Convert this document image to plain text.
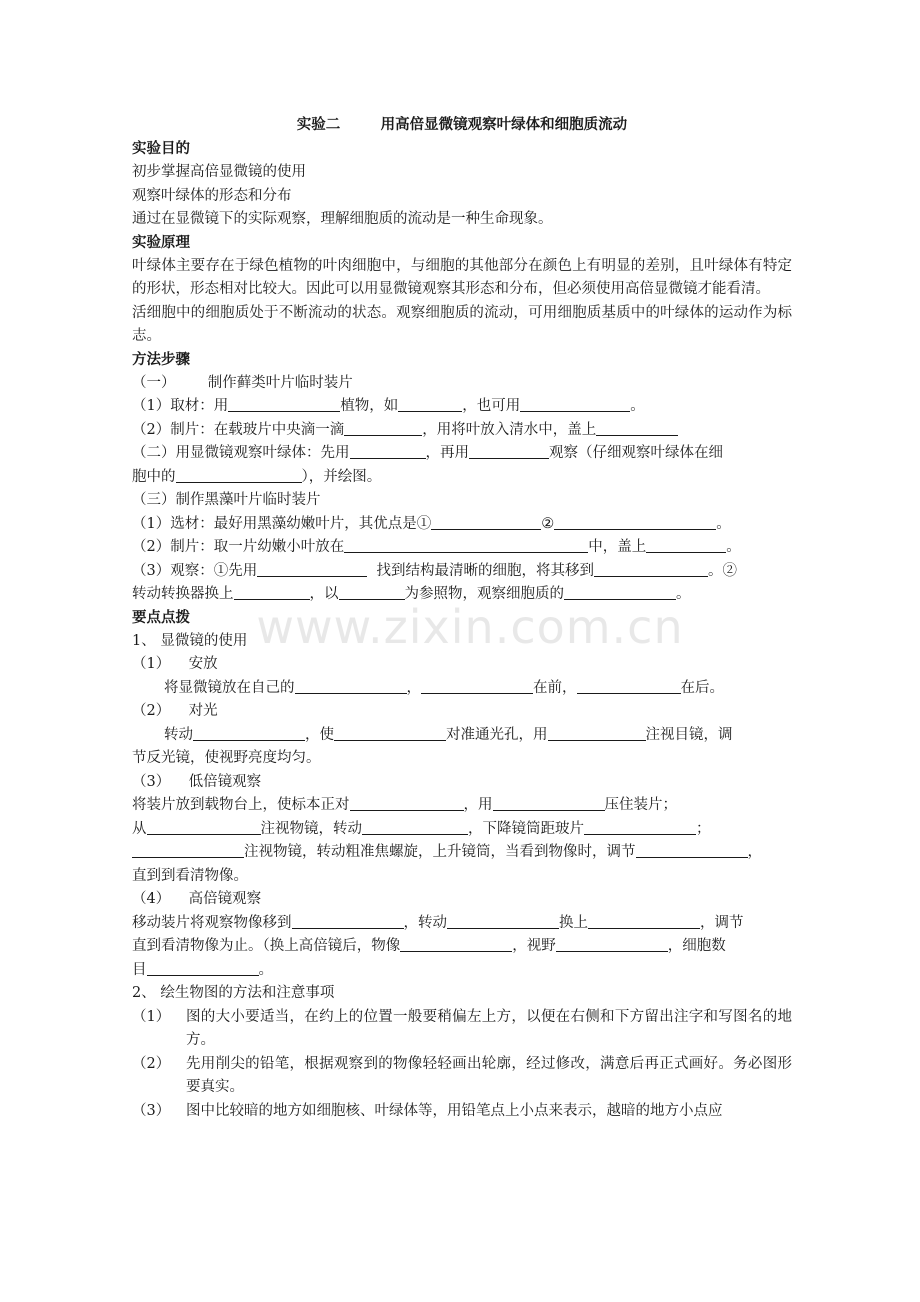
www.zixin.com.cn
实验二        用高倍显微镜观察叶绿体和细胞质流动
实验目的
初步掌握高倍显微镜的使用
观察叶绿体的形态和分布
通过在显微镜下的实际观察，理解细胞质的流动是一种生命现象。
实验原理
叶绿体主要存在于绿色植物的叶肉细胞中，与细胞的其他部分在颜色上有明显的差别，且叶绿体有特定的形状，形态相对比较大。因此可以用显微镜观察其形态和分布，但必须使用高倍显微镜才能看清。
活细胞中的细胞质处于不断流动的状态。观察细胞质的流动，可用细胞质基质中的叶绿体的运动作为标志。
方法步骤
（一）       制作藓类叶片临时装片
（1）取材：用	植物，如	，也可用	。
（2）制片：在载玻片中央滴一滴	，用将叶放入清水中，盖上
（二）用显微镜观察叶绿体：先用	，再用	观察（仔细观察叶绿体在细
胞中的	），并绘图。
（三）制作黑藻叶片临时装片
（1）选材：最好用黑藻幼嫩叶片，其优点是①	②	。
（2）制片：取一片幼嫩小叶放在	中，盖上	。
（3）观察：①先用	找到结构最清晰的细胞，将其移到	。②
转动转换器换上	，以	为参照物，观察细胞质的	。
要点点拨
1、 显微镜的使用
（1）    安放
将显微镜放在自己的	，	在前，	在后。
（2）    对光
转动	，使	对准通光孔，用	注视目镜，调
节反光镜，使视野亮度均匀。
（3）    低倍镜观察
将装片放到载物台上，使标本正对	，用	压住装片；
从	注视物镜，转动	，下降镜筒距玻片	；
注视物镜，转动粗准焦螺旋，上升镜筒，当看到物像时，调节	，
直到到看清物像。
（4）    高倍镜观察
移动装片将观察物像移到	，转动	换上	，调节
直到看清物像为止。（换上高倍镜后，物像	，视野	，细胞数
目	。
2、 绘生物图的方法和注意事项
（1）	图的大小要适当，在约上的位置一般要稍偏左上方，以便在右侧和下方留出注字和写图名的地方。
（2）	先用削尖的铅笔，根据观察到的物像轻轻画出轮廓，经过修改，满意后再正式画好。务必图形要真实。
（3）	图中比较暗的地方如细胞核、叶绿体等，用铅笔点上小点来表示，越暗的地方小点应
